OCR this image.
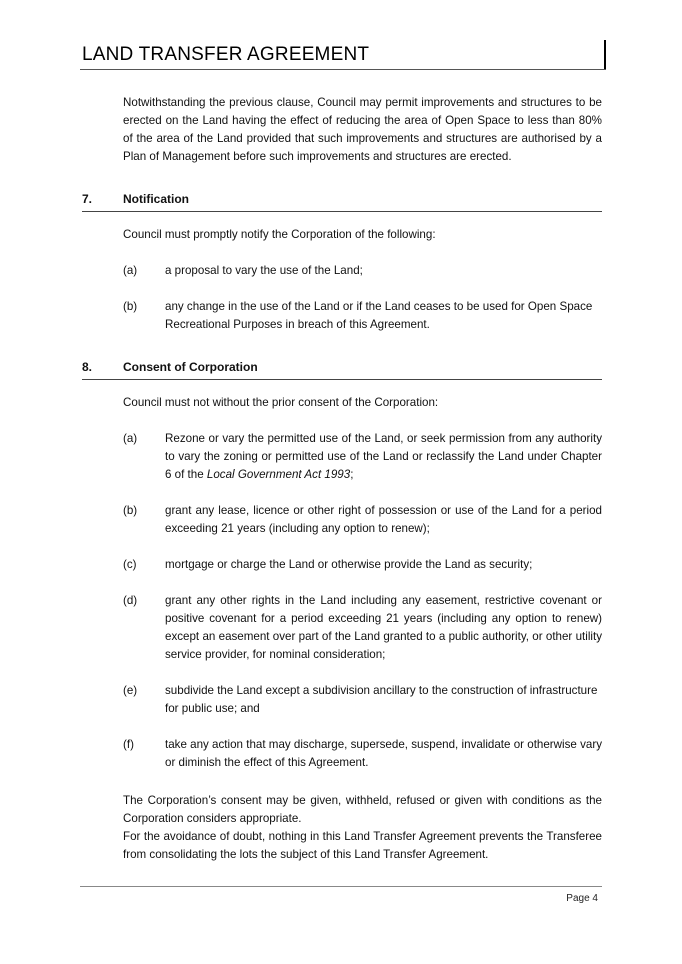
LAND TRANSFER AGREEMENT

Notwithstanding the previous clause, Council may permit improvements and structures to be erected on the Land having the effect of reducing the area of Open Space to less than 80% of the area of the Land provided that such improvements and structures are authorised by a Plan of Management before such improvements and structures are erected.

7.	Notification

Council must promptly notify the Corporation of the following:

(a)	a proposal to vary the use of the Land;
(b)	any change in the use of the Land or if the Land ceases to be used for Open Space Recreational Purposes in breach of this Agreement.
8.	Consent of Corporation

Council must not without the prior consent of the Corporation:

(a)	Rezone or vary the permitted use of the Land, or seek permission from any authority to vary the zoning or permitted use of the Land or reclassify the Land under Chapter 6 of the Local Government Act 1993;
(b)	grant any lease, licence or other right of possession or use of the Land for a period exceeding 21 years (including any option to renew);
(c)	mortgage or charge the Land or otherwise provide the Land as security;
(d)	grant any other rights in the Land including any easement, restrictive covenant or positive covenant for a period exceeding 21 years (including any option to renew) except an easement over part of the Land granted to a public authority, or other utility service provider, for nominal consideration;
(e)	subdivide the Land except a subdivision ancillary to the construction of infrastructure for public use; and
(f)	take any action that may discharge, supersede, suspend, invalidate or otherwise vary or diminish the effect of this Agreement.

The Corporation’s consent may be given, withheld, refused or given with conditions as the Corporation considers appropriate.
For the avoidance of doubt, nothing in this Land Transfer Agreement prevents the Transferee from consolidating the lots the subject of this Land Transfer Agreement.

Page 4
